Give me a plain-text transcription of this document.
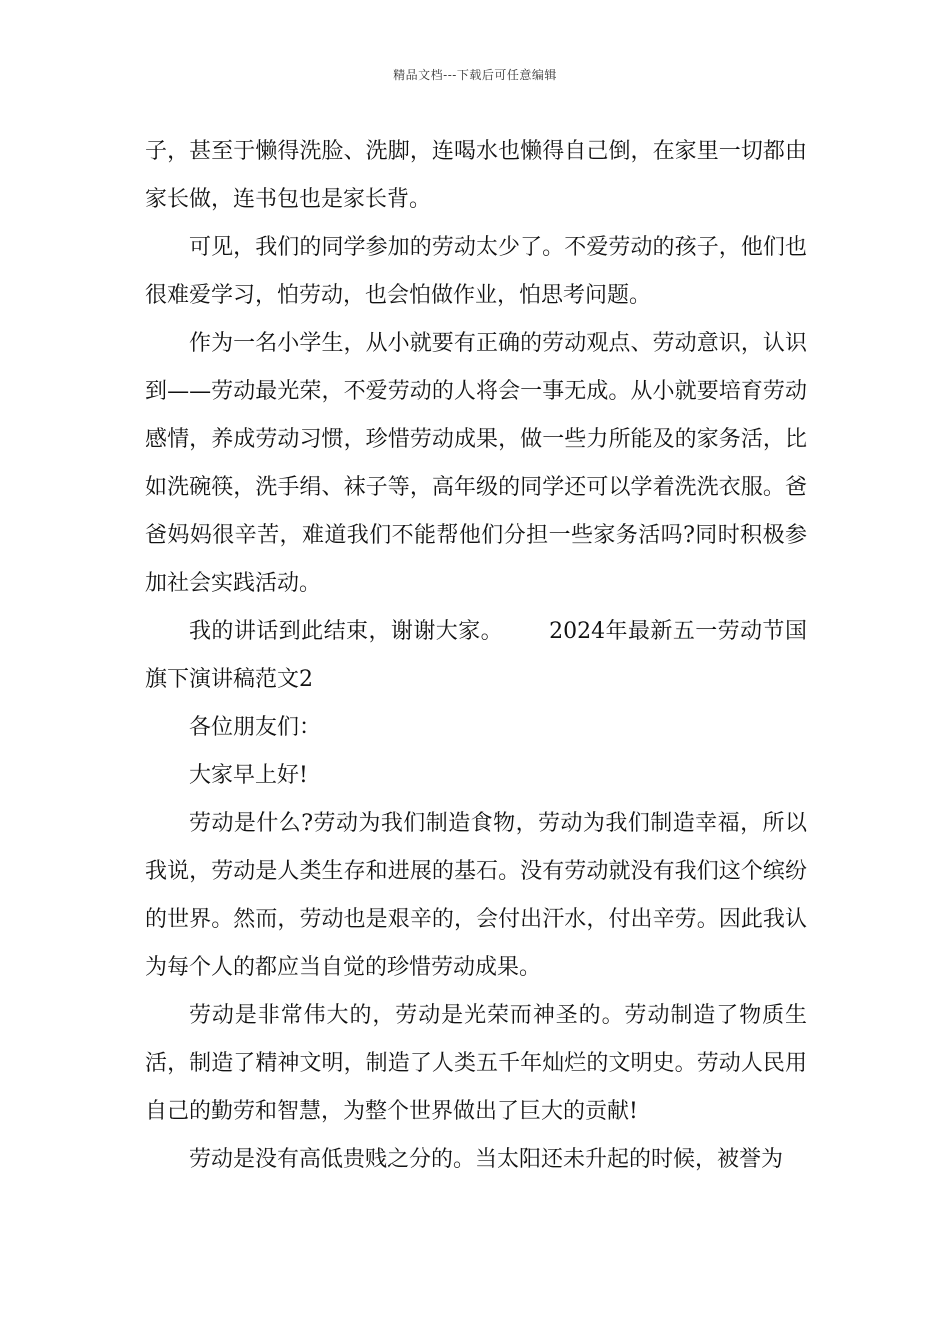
精品文档---下载后可任意编辑

子，甚至于懒得洗脸、洗脚，连喝水也懒得自己倒，在家里一切都由家长做，连书包也是家长背。

可见，我们的同学参加的劳动太少了。不爱劳动的孩子，他们也很难爱学习，怕劳动，也会怕做作业，怕思考问题。

作为一名小学生，从小就要有正确的劳动观点、劳动意识，认识到——劳动最光荣，不爱劳动的人将会一事无成。从小就要培育劳动感情，养成劳动习惯，珍惜劳动成果，做一些力所能及的家务活，比如洗碗筷，洗手绢、袜子等，高年级的同学还可以学着洗洗衣服。爸爸妈妈很辛苦，难道我们不能帮他们分担一些家务活吗?同时积极参加社会实践活动。

我的讲话到此结束，谢谢大家。 2024年最新五一劳动节国旗下演讲稿范文2

各位朋友们：

大家早上好!

劳动是什么?劳动为我们制造食物，劳动为我们制造幸福，所以我说，劳动是人类生存和进展的基石。没有劳动就没有我们这个缤纷的世界。然而，劳动也是艰辛的，会付出汗水，付出辛劳。因此我认为每个人的都应当自觉的珍惜劳动成果。

劳动是非常伟大的，劳动是光荣而神圣的。劳动制造了物质生活，制造了精神文明，制造了人类五千年灿烂的文明史。劳动人民用自己的勤劳和智慧，为整个世界做出了巨大的贡献!

劳动是没有高低贵贱之分的。当太阳还未升起的时候，被誉为
